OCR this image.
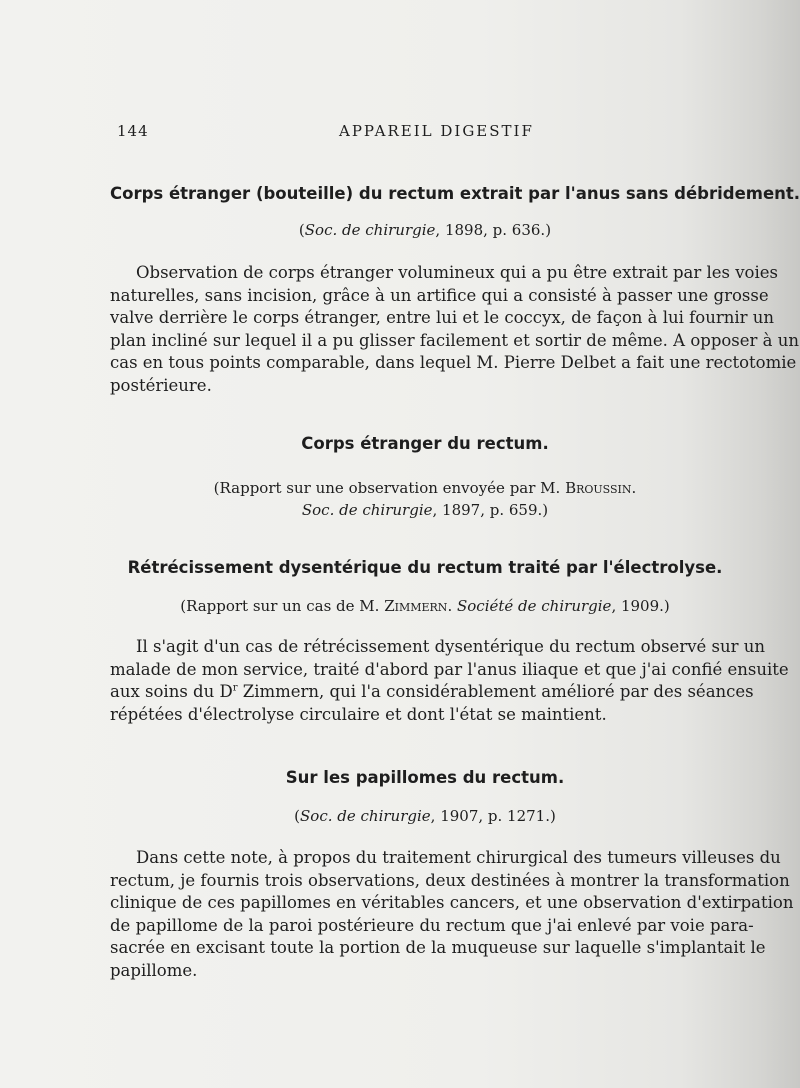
144	APPAREIL DIGESTIF
Corps étranger (bouteille) du rectum extrait par l'anus sans débridement.
(Soc. de chirurgie, 1898, p. 636.)
Observation de corps étranger volumineux qui a pu être extrait par les voies
naturelles, sans incision, grâce à un artifice qui a consisté à passer une grosse
valve derrière le corps étranger, entre lui et le coccyx, de façon à lui fournir un
plan incliné sur lequel il a pu glisser facilement et sortir de même. A opposer à un
cas en tous points comparable, dans lequel M. Pierre Delbet a fait une rectotomie
postérieure.
Corps étranger du rectum.
(Rapport sur une observation envoyée par M. Broussin.
Soc. de chirurgie, 1897, p. 659.)
Rétrécissement dysentérique du rectum traité par l'électrolyse.
(Rapport sur un cas de M. Zimmern. Société de chirurgie, 1909.)
Il s'agit d'un cas de rétrécissement dysentérique du rectum observé sur un
malade de mon service, traité d'abord par l'anus iliaque et que j'ai confié ensuite
aux soins du $D^r$ Zimmern, qui l'a considérablement amélioré par des séances
répétées d'électrolyse circulaire et dont l'état se maintient.
Sur les papillomes du rectum.
(Soc. de chirurgie, 1907, p. 1271.)
Dans cette note, à propos du traitement chirurgical des tumeurs villeuses du
rectum, je fournis trois observations, deux destinées à montrer la transformation
clinique de ces papillomes en véritables cancers, et une observation d'extirpation
de papillome de la paroi postérieure du rectum que j'ai enlevé par voie para-
sacrée en excisant toute la portion de la muqueuse sur laquelle s'implantait le
papillome.
